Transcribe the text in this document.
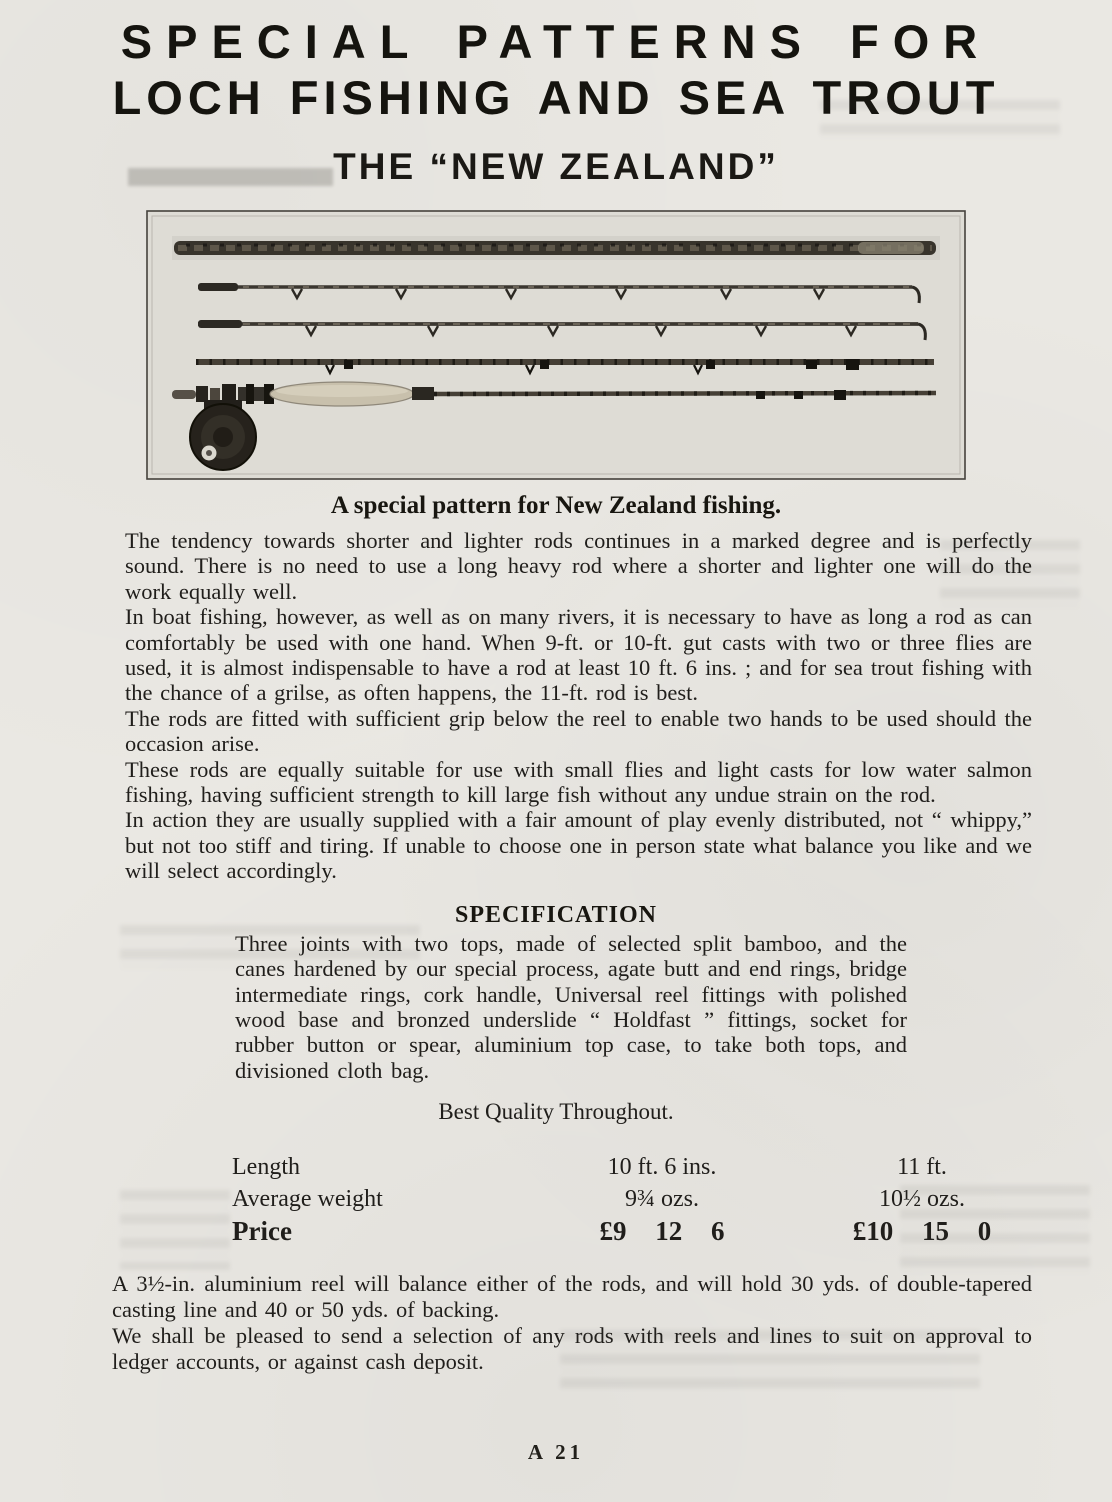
SPECIAL PATTERNS FOR
LOCH FISHING AND SEA TROUT
THE “NEW ZEALAND”

A special pattern for New Zealand fishing.

The tendency towards shorter and lighter rods continues in a marked degree and is perfectly sound. There is no need to use a long heavy rod where a shorter and lighter one will do the work equally well.

In boat fishing, however, as well as on many rivers, it is necessary to have as long a rod as can comfortably be used with one hand. When 9-ft. or 10-ft. gut casts with two or three flies are used, it is almost indispensable to have a rod at least 10 ft. 6 ins. ; and for sea trout fishing with the chance of a grilse, as often happens, the 11-ft. rod is best.

The rods are fitted with sufficient grip below the reel to enable two hands to be used should the occasion arise.

These rods are equally suitable for use with small flies and light casts for low water salmon fishing, having sufficient strength to kill large fish without any undue strain on the rod.

In action they are usually supplied with a fair amount of play evenly distributed, not “ whippy,” but not too stiff and tiring. If unable to choose one in person state what balance you like and we will select accordingly.

SPECIFICATION

Three joints with two tops, made of selected split bamboo, and the canes hardened by our special process, agate butt and end rings, bridge intermediate rings, cork handle, Universal reel fittings with polished wood base and bronzed underslide “ Holdfast ” fittings, socket for rubber button or spear, aluminium top case, to take both tops, and divisioned cloth bag.

Best Quality Throughout.

Length	10 ft. 6 ins.	11 ft.
Average weight	9¾ ozs.	10½ ozs.
Price	£9 12 6	£10 15 0

A 3½-in. aluminium reel will balance either of the rods, and will hold 30 yds. of double-tapered casting line and 40 or 50 yds. of backing.

We shall be pleased to send a selection of any rods with reels and lines to suit on approval to ledger accounts, or against cash deposit.

A 21
